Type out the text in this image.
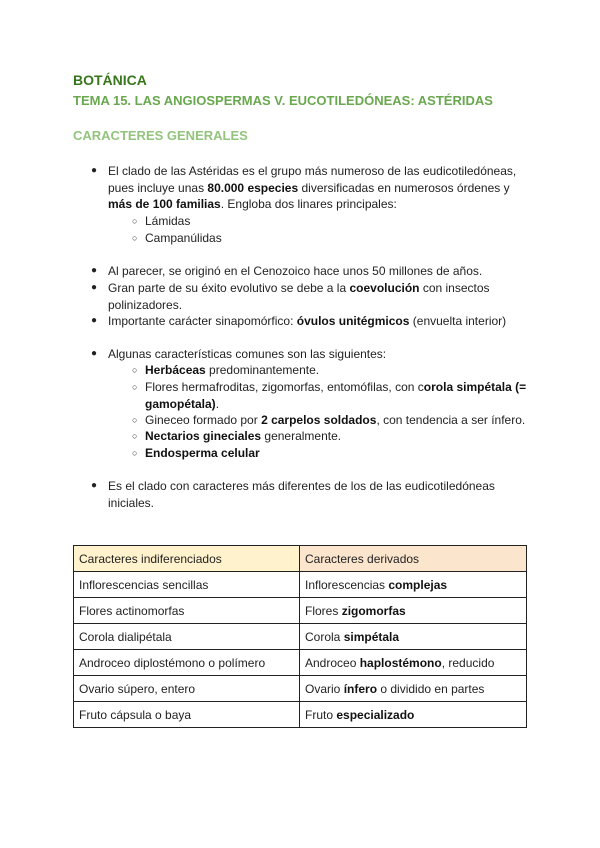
BOTÁNICA
TEMA 15. LAS ANGIOSPERMAS V. EUCOTILEDÓNEAS: ASTÉRIDAS
CARACTERES GENERALES
● El clado de las Astéridas es el grupo más numeroso de las eudicotiledóneas, pues incluye unas 80.000 especies diversificadas en numerosos órdenes y más de 100 familias. Engloba dos linares principales:
○ Lámidas
○ Campanúlidas
● Al parecer, se originó en el Cenozoico hace unos 50 millones de años.
● Gran parte de su éxito evolutivo se debe a la coevolución con insectos polinizadores.
● Importante carácter sinapomórfico: óvulos unitégmicos (envuelta interior)
● Algunas características comunes son las siguientes:
○ Herbáceas predominantemente.
○ Flores hermafroditas, zigomorfas, entomófilas, con corola simpétala (= gamopétala).
○ Gineceo formado por 2 carpelos soldados, con tendencia a ser ínfero.
○ Nectarios gineciales generalmente.
○ Endosperma celular
● Es el clado con caracteres más diferentes de los de las eudicotiledóneas iniciales.
Caracteres indiferenciados	Caracteres derivados
Inflorescencias sencillas	Inflorescencias complejas
Flores actinomorfas	Flores zigomorfas
Corola dialipétala	Corola simpétala
Androceo diplostémono o polímero	Androceo haplostémono, reducido
Ovario súpero, entero	Ovario ínfero o dividido en partes
Fruto cápsula o baya	Fruto especializado
